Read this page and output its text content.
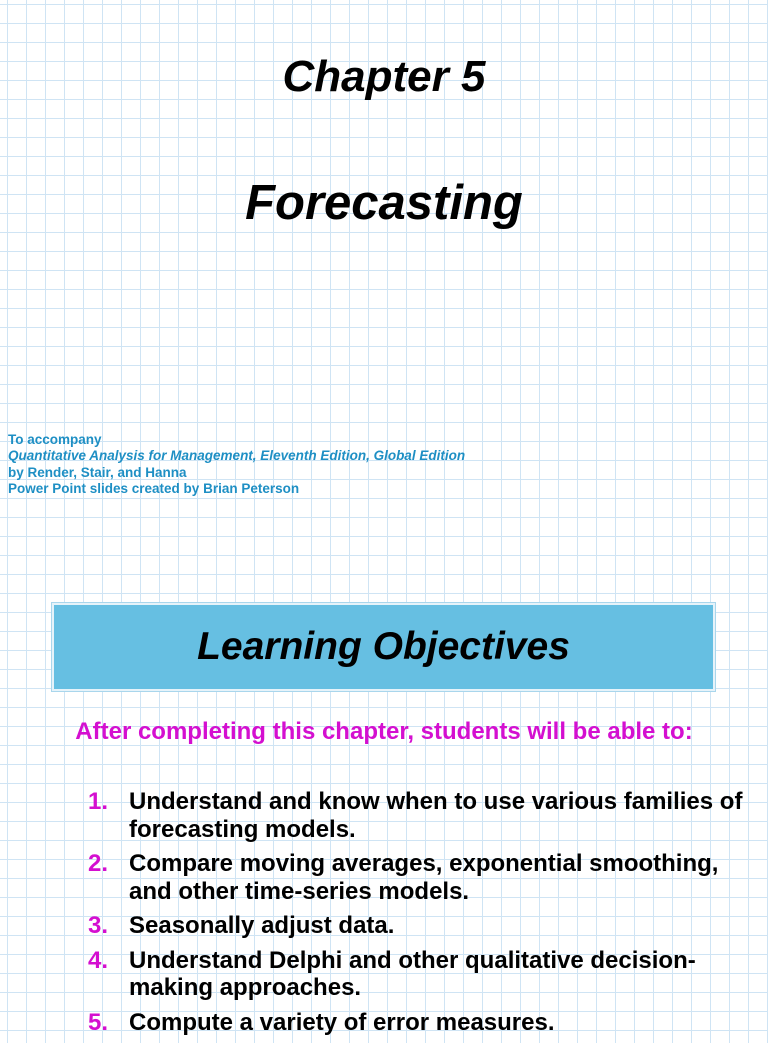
Chapter 5
Forecasting
To accompany
Quantitative Analysis for Management, Eleventh Edition, Global Edition
by Render, Stair, and Hanna
Power Point slides created by Brian Peterson
Learning Objectives
After completing this chapter, students will be able to:
1. Understand and know when to use various families of forecasting models.
2. Compare moving averages, exponential smoothing, and other time-series models.
3. Seasonally adjust data.
4. Understand Delphi and other qualitative decision-making approaches.
5. Compute a variety of error measures.
